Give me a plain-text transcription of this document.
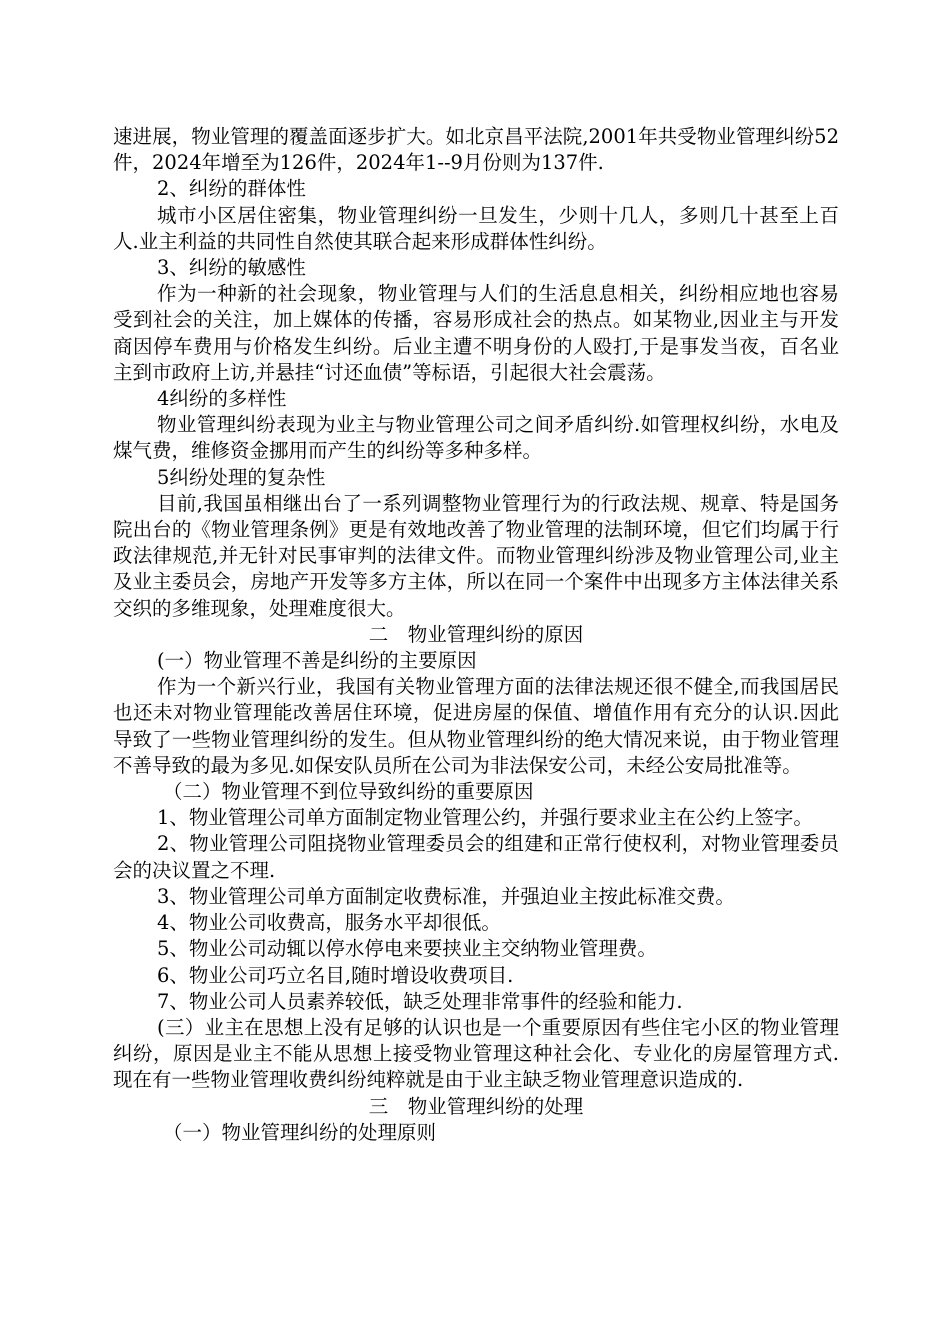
速进展，物业管理的覆盖面逐步扩大。如北京昌平法院,2001年共受物业管理纠纷52件，2024年增至为126件，2024年1--9月份则为137件.

2、纠纷的群体性

城市小区居住密集，物业管理纠纷一旦发生，少则十几人，多则几十甚至上百人.业主利益的共同性自然使其联合起来形成群体性纠纷。

3、纠纷的敏感性

作为一种新的社会现象，物业管理与人们的生活息息相关，纠纷相应地也容易受到社会的关注，加上媒体的传播，容易形成社会的热点。如某物业,因业主与开发商因停车费用与价格发生纠纷。后业主遭不明身份的人殴打,于是事发当夜，百名业主到市政府上访,并悬挂“讨还血债”等标语，引起很大社会震荡。

4纠纷的多样性

物业管理纠纷表现为业主与物业管理公司之间矛盾纠纷.如管理权纠纷，水电及煤气费，维修资金挪用而产生的纠纷等多种多样。

5纠纷处理的复杂性

目前,我国虽相继出台了一系列调整物业管理行为的行政法规、规章、特是国务院出台的《物业管理条例》更是有效地改善了物业管理的法制环境，但它们均属于行政法律规范,并无针对民事审判的法律文件。而物业管理纠纷涉及物业管理公司,业主及业主委员会，房地产开发等多方主体，所以在同一个案件中出现多方主体法律关系交织的多维现象，处理难度很大。

二　物业管理纠纷的原因

(一）物业管理不善是纠纷的主要原因

作为一个新兴行业，我国有关物业管理方面的法律法规还很不健全,而我国居民也还未对物业管理能改善居住环境，促进房屋的保值、增值作用有充分的认识.因此导致了一些物业管理纠纷的发生。但从物业管理纠纷的绝大情况来说，由于物业管理不善导致的最为多见.如保安队员所在公司为非法保安公司，未经公安局批准等。

（二）物业管理不到位导致纠纷的重要原因

1、物业管理公司单方面制定物业管理公约，并强行要求业主在公约上签字。

2、物业管理公司阻挠物业管理委员会的组建和正常行使权利，对物业管理委员会的决议置之不理.

3、物业管理公司单方面制定收费标准，并强迫业主按此标准交费。

4、物业公司收费高，服务水平却很低。

5、物业公司动辄以停水停电来要挟业主交纳物业管理费。

6、物业公司巧立名目,随时增设收费项目.

7、物业公司人员素养较低，缺乏处理非常事件的经验和能力.

(三）业主在思想上没有足够的认识也是一个重要原因有些住宅小区的物业管理纠纷，原因是业主不能从思想上接受物业管理这种社会化、专业化的房屋管理方式.现在有一些物业管理收费纠纷纯粹就是由于业主缺乏物业管理意识造成的.

三　物业管理纠纷的处理

（一）物业管理纠纷的处理原则
